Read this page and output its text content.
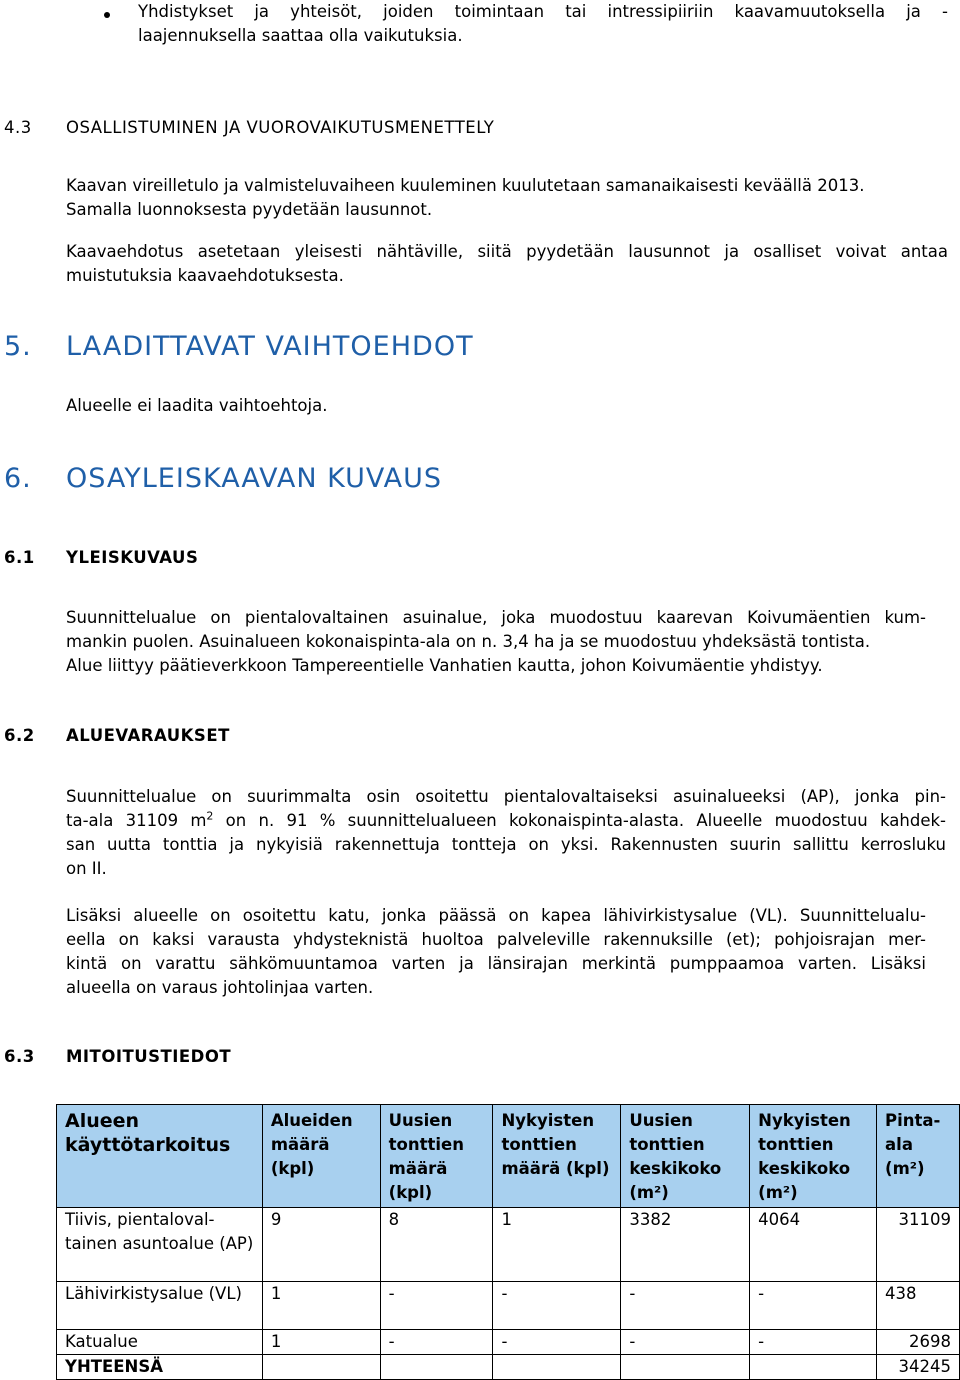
Yhdistykset ja yhteisöt, joiden toimintaan tai intressipiiriin kaavamuutoksella ja -
laajennuksella saattaa olla vaikutuksia.
4.3 OSALLISTUMINEN JA VUOROVAIKUTUSMENETTELY
Kaavan vireilletulo ja valmisteluvaiheen kuuleminen kuulutetaan samanaikaisesti keväällä 2013.
Samalla luonnoksesta pyydetään lausunnot.
Kaavaehdotus asetetaan yleisesti nähtäville, siitä pyydetään lausunnot ja osalliset voivat antaa
muistutuksia kaavaehdotuksesta.
5. LAADITTAVAT VAIHTOEHDOT
Alueelle ei laadita vaihtoehtoja.
6. OSAYLEISKAAVAN KUVAUS
6.1 YLEISKUVAUS
Suunnittelualue on pientalovaltainen asuinalue, joka muodostuu kaarevan Koivumäentien kum-
mankin puolen. Asuinalueen kokonaispinta-ala on n. 3,4 ha ja se muodostuu yhdeksästä tontista.
Alue liittyy päätieverkkoon Tampereentielle Vanhatien kautta, johon Koivumäentie yhdistyy.
6.2 ALUEVARAUKSET
Suunnittelualue on suurimmalta osin osoitettu pientalovaltaiseksi asuinalueeksi (AP), jonka pin-
ta-ala 31109 $m^2$ on n. 91 % suunnittelualueen kokonaispinta-alasta. Alueelle muodostuu kahdek-
san uutta tonttia ja nykyisiä rakennettuja tontteja on yksi. Rakennusten suurin sallittu kerrosluku
on II.
Lisäksi alueelle on osoitettu katu, jonka päässä on kapea lähivirkistysalue (VL). Suunnittelualu-
eella on kaksi varausta yhdysteknistä huoltoa palveleville rakennuksille (et); pohjoisrajan mer-
kintä on varattu sähkömuuntamoa varten ja länsirajan merkintä pumppaamoa varten. Lisäksi
alueella on varaus johtolinjaa varten.
6.3 MITOITUSTIEDOT
Alueen käyttötarkoitus	Alueiden määrä (kpl)	Uusien tonttien määrä (kpl)	Nykyisten tonttien määrä (kpl)	Uusien tonttien keskikoko (m²)	Nykyisten tonttien keskikoko (m²)	Pinta-ala (m²)
Tiivis, pientaloval-tainen asuntoalue (AP)	9	8	1	3382	4064	31109
Lähivirkistysalue (VL)	1	-	-	-	-	438
Katualue	1	-	-	-	-	2698
YHTEENSÄ						34245
